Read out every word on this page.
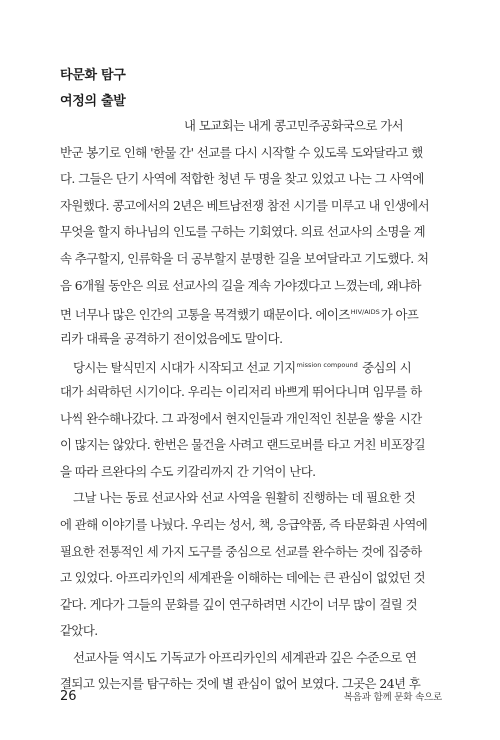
타문화 탐구
여정의 출발
내 모교회는 내게 콩고민주공화국으로 가서
반군 봉기로 인해 '한물 간' 선교를 다시 시작할 수 있도록 도와달라고 했
다. 그들은 단기 사역에 적합한 청년 두 명을 찾고 있었고 나는 그 사역에
자원했다. 콩고에서의 2년은 베트남전쟁 참전 시기를 미루고 내 인생에서
무엇을 할지 하나님의 인도를 구하는 기회였다. 의료 선교사의 소명을 계
속 추구할지, 인류학을 더 공부할지 분명한 길을 보여달라고 기도했다. 처
음 6개월 동안은 의료 선교사의 길을 계속 가야겠다고 느꼈는데, 왜냐하
면 너무나 많은 인간의 고통을 목격했기 때문이다. 에이즈$^{HIV/AIDS}$가 아프
리카 대륙을 공격하기 전이었음에도 말이다.
당시는 탈식민지 시대가 시작되고 선교 기지$^{mission compound}$ 중심의 시
대가 쇠락하던 시기이다. 우리는 이리저리 바쁘게 뛰어다니며 임무를 하
나씩 완수해나갔다. 그 과정에서 현지인들과 개인적인 친분을 쌓을 시간
이 많지는 않았다. 한번은 물건을 사려고 랜드로버를 타고 거친 비포장길
을 따라 르완다의 수도 키갈리까지 간 기억이 난다.
그날 나는 동료 선교사와 선교 사역을 원활히 진행하는 데 필요한 것
에 관해 이야기를 나눴다. 우리는 성서, 책, 응급약품, 즉 타문화권 사역에
필요한 전통적인 세 가지 도구를 중심으로 선교를 완수하는 것에 집중하
고 있었다. 아프리카인의 세계관을 이해하는 데에는 큰 관심이 없었던 것
같다. 게다가 그들의 문화를 깊이 연구하려면 시간이 너무 많이 걸릴 것
같았다.
선교사들 역시도 기독교가 아프리카인의 세계관과 깊은 수준으로 연
결되고 있는지를 탐구하는 것에 별 관심이 없어 보였다. 그곳은 24년 후
26	복음과 함께 문화 속으로
